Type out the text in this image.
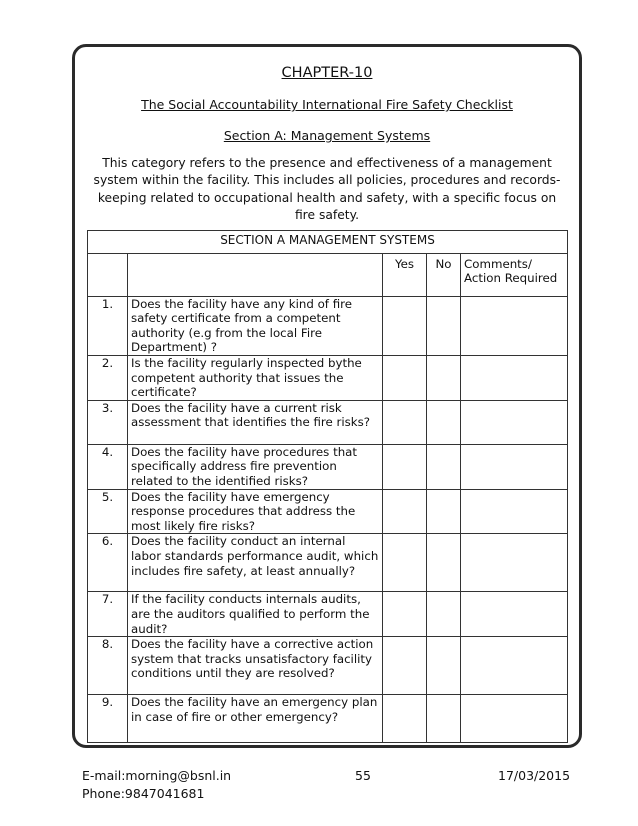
CHAPTER-10
The Social Accountability International Fire Safety Checklist
Section A: Management Systems
This category refers to the presence and effectiveness of a management system within the facility. This includes all policies, procedures and records- keeping related to occupational health and safety, with a specific focus on fire safety.
SECTION A MANAGEMENT SYSTEMS				
		Yes	No	Comments/
Action Required
1.	Does the facility have any kind of fire safety certificate from a competent authority (e.g from the local Fire Department) ?			
2.	Is the facility regularly inspected bythe competent authority that issues the certificate?			
3.	Does the facility have a current risk assessment that identifies the fire risks?			
4.	Does the facility have procedures that specifically address fire prevention related to the identified risks?			
5.	Does the facility have emergency response procedures that address the most likely fire risks?			
6.	Does the facility conduct an internal labor standards performance audit, which includes fire safety, at least annually?			
7.	If the facility conducts internals audits, are the auditors qualified to perform the audit?			
8.	Does the facility have a corrective action system that tracks unsatisfactory facility conditions until they are resolved?			
9.	Does the facility have an emergency plan in case of fire or other emergency?			
E-mail:morning@bsnl.in
Phone:9847041681
55	17/03/2015
